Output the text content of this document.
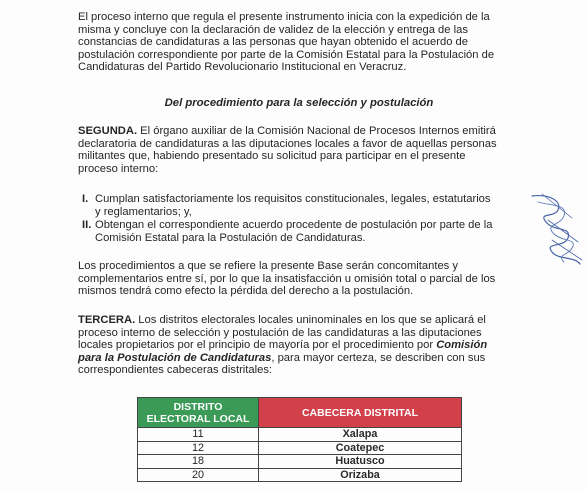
El proceso interno que regula el presente instrumento inicia con la expedición de la
misma y concluye con la declaración de validez de la elección y entrega de las
constancias de candidaturas a las personas que hayan obtenido el acuerdo de
postulación correspondiente por parte de la Comisión Estatal para la Postulación de
Candidaturas del Partido Revolucionario Institucional en Veracruz.
Del procedimiento para la selección y postulación
SEGUNDA. El órgano auxiliar de la Comisión Nacional de Procesos Internos emitirá
declaratoria de candidaturas a las diputaciones locales a favor de aquellas personas
militantes que, habiendo presentado su solicitud para participar en el presente
proceso interno:
I. Cumplan satisfactoriamente los requisitos constitucionales, legales, estatutarios
y reglamentarios; y,
II. Obtengan el correspondiente acuerdo procedente de postulación por parte de la
Comisión Estatal para la Postulación de Candidaturas.
Los procedimientos a que se refiere la presente Base serán concomitantes y
complementarios entre sí, por lo que la insatisfacción u omisión total o parcial de los
mismos tendrá como efecto la pérdida del derecho a la postulación.
TERCERA. Los distritos electorales locales uninominales en los que se aplicará el
proceso interno de selección y postulación de las candidaturas a las diputaciones
locales propietarios por el principio de mayoría por el procedimiento por Comisión
para la Postulación de Candidaturas, para mayor certeza, se describen con sus
correspondientes cabeceras distritales:
DISTRITO
ELECTORAL LOCAL	CABECERA DISTRITAL
11	Xalapa
12	Coatepec
18	Huatusco
20	Orizaba
